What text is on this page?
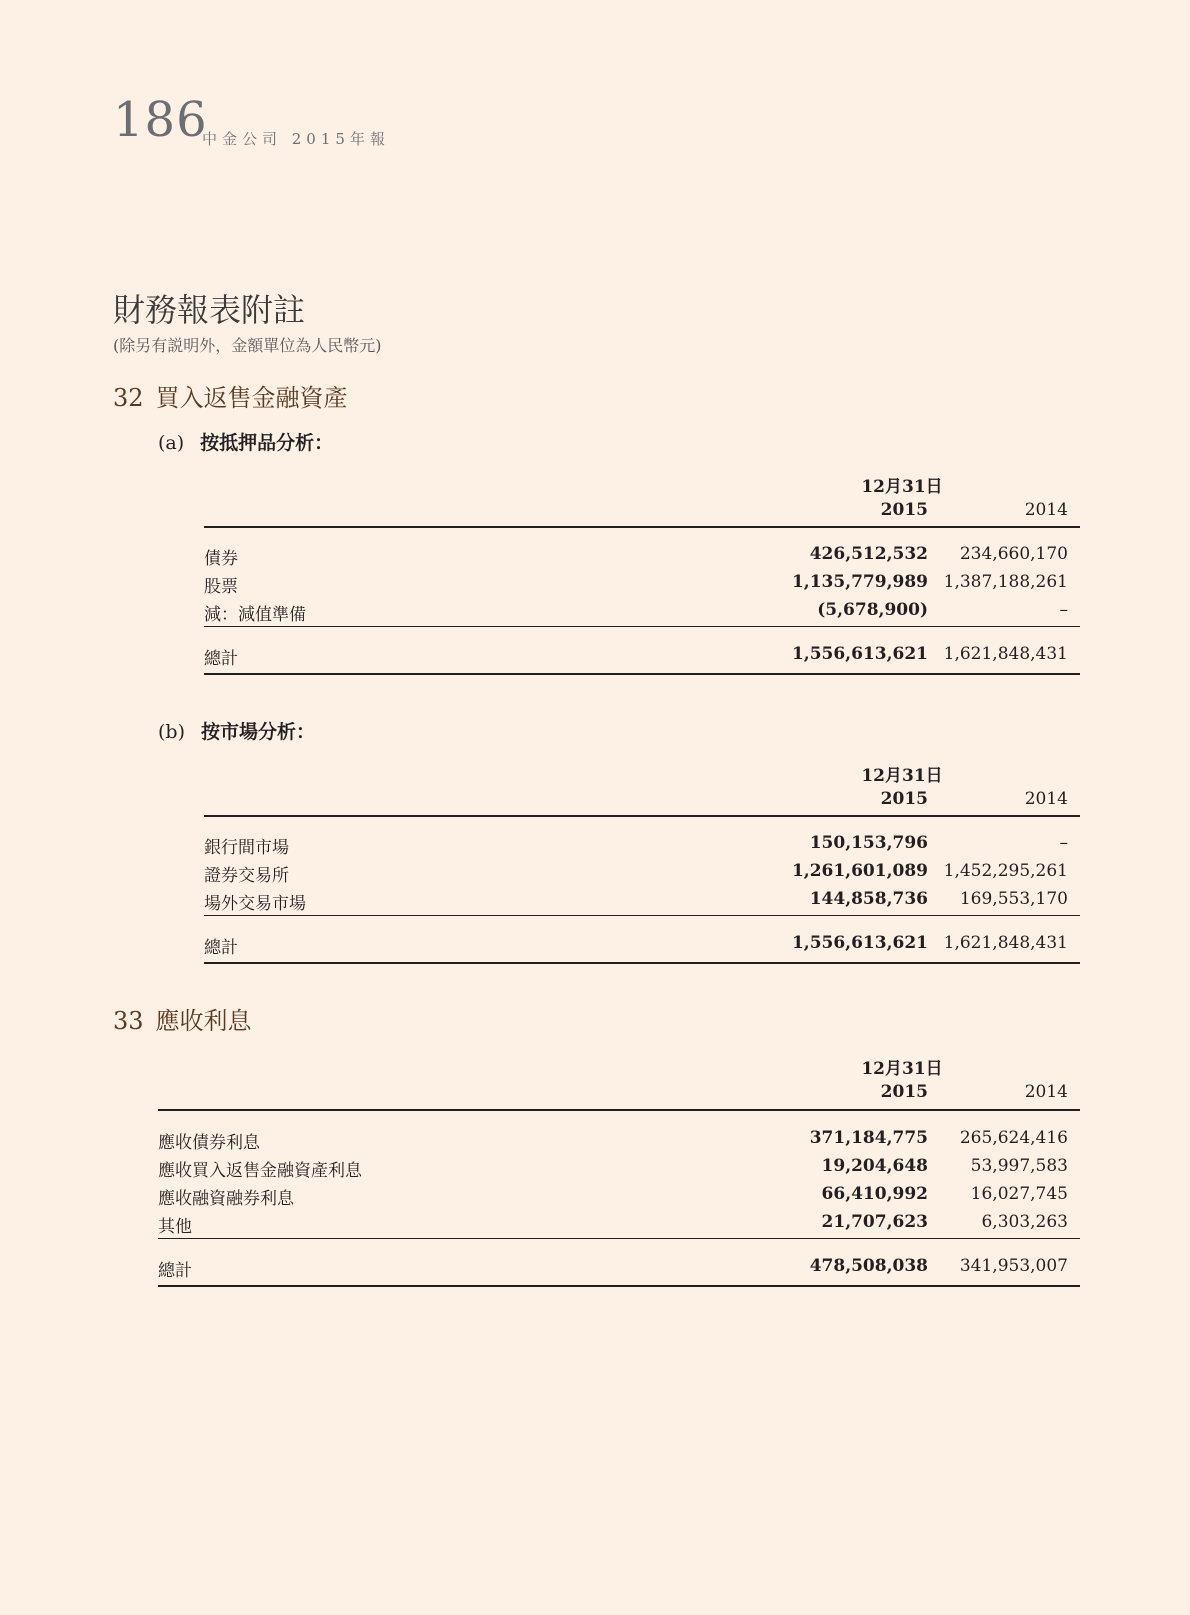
186
中金公司 2015年報
財務報表附註
(除另有説明外，金額單位為人民幣元)
32 買入返售金融資產
(a) 按抵押品分析：
12月31日
2015	2014
債券	426,512,532 234,660,170
股票	1,135,779,989 1,387,188,261
減：減值準備	(5,678,900)	–
總計	1,556,613,621 1,621,848,431
(b) 按市場分析：
12月31日
2015	2014
銀行間市場	150,153,796	–
證券交易所	1,261,601,089 1,452,295,261
場外交易市場	144,858,736 169,553,170
總計	1,556,613,621 1,621,848,431
33 應收利息
12月31日
2015	2014
應收債券利息	371,184,775 265,624,416
應收買入返售金融資產利息	19,204,648	53,997,583
應收融資融券利息	66,410,992	16,027,745
其他	21,707,623	6,303,263
總計	478,508,038 341,953,007
